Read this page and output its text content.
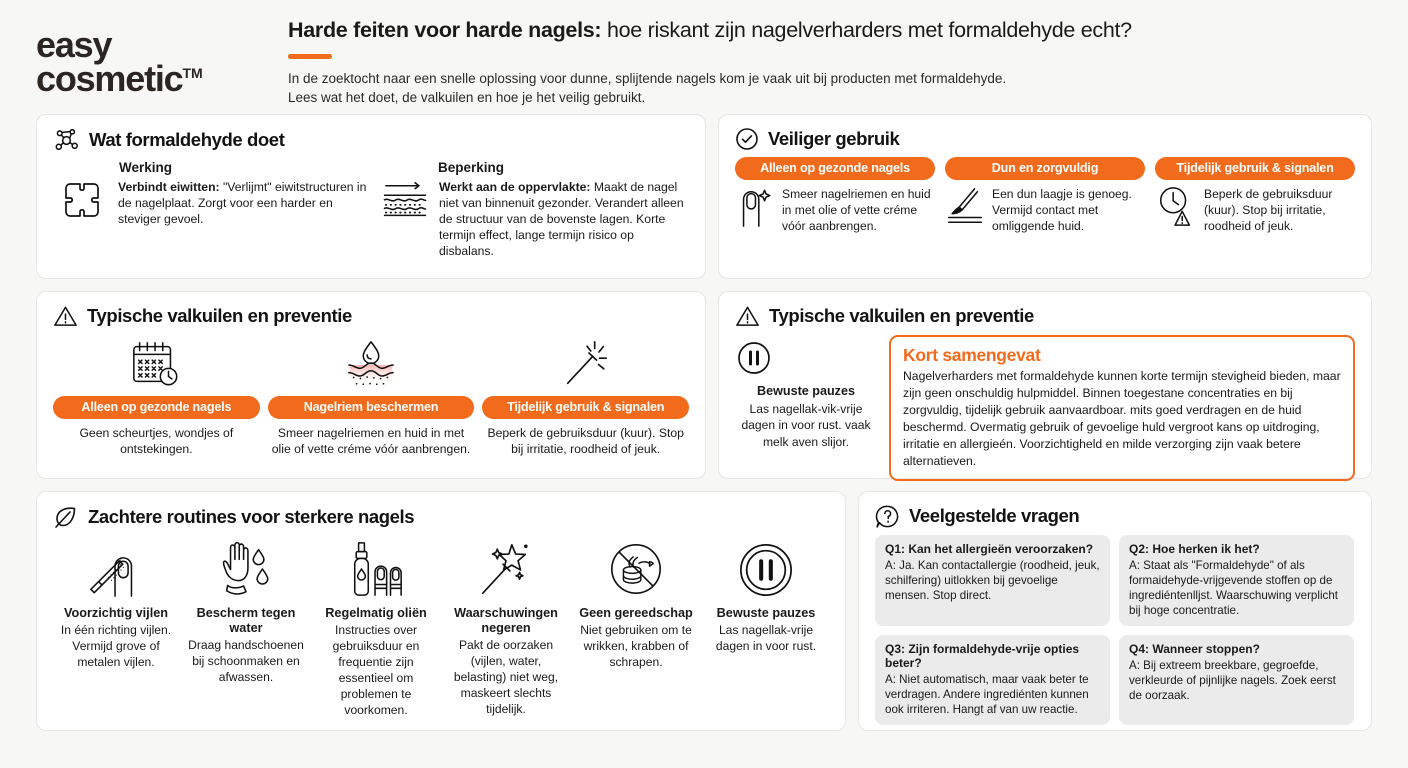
easy
cosmetic™
Harde feiten voor harde nagels: hoe riskant zijn nagelverharders met formaldehyde echt?
In de zoektocht naar een snelle oplossing voor dunne, splijtende nagels kom je vaak uit bij producten met formaldehyde.
Lees wat het doet, de valkuilen en hoe je het veilig gebruikt.
Wat formaldehyde doet
Werking
Verbindt eiwitten: "Verlijmt" eiwitstructuren in de nagelplaat. Zorgt voor een harder en steviger gevoel.
Beperking
Werkt aan de oppervlakte: Maakt de nagel niet van binnenuit gezonder. Verandert alleen de structuur van de bovenste lagen. Korte termijn effect, lange termijn risico op disbalans.
Veiliger gebruik
Alleen op gezonde nagels	Dun en zorgvuldig	Tijdelijk gebruik & signalen
Smeer nagelriemen en huid in met olie of vette créme vóór aanbrengen.
Een dun laagje is genoeg. Vermijd contact met omliggende huid.
Beperk de gebruiksduur (kuur). Stop bij irritatie, roodheid of jeuk.
Typische valkuilen en preventie
Alleen op gezonde nagels
Geen scheurtjes, wondjes of ontstekingen.
Nagelriem beschermen
Smeer nagelriemen en huid in met olie of vette créme vóór aanbrengen.
Tijdelijk gebruik & signalen
Beperk de gebruiksduur (kuur). Stop bij irritatie, roodheid of jeuk.
Typische valkuilen en preventie
Bewuste pauzes
Las nagellak-vik-vrije dagen in voor rust. vaak melk aven slijor.
Kort samengevat

Nagelverharders met formaldehyde kunnen korte termijn stevigheid bieden, maar zijn geen onschuldig hulpmiddel. Binnen toegestane concentraties en bij zorgvuldig, tijdelijk gebruik aanvaardboar. mits goed verdragen en de huid beschermd. Overmatig gebruik of gevoelige huld vergroot kans op uitdroging, irritatie en allergieén. Voorzichtigheld en milde verzorging zijn vaak betere alternatieven.

Zachtere routines voor sterkere nagels
Voorzichtig vijlen
In één richting vijlen. Vermijd grove of metalen vijlen.
Bescherm tegen water
Draag handschoenen bij schoonmaken en afwassen.
Regelmatig oliën
Instructies over gebruiksduur en frequentie zijn essentieel om problemen te voorkomen.
Waarschuwingen negeren
Pakt de oorzaken (vijlen, water, belasting) niet weg, maskeert slechts tijdelijk.
Geen gereedschap
Niet gebruiken om te wrikken, krabben of schrapen.
Bewuste pauzes
Las nagellak-vrije dagen in voor rust.
Veelgestelde vragen
Q1: Kan het allergieën veroorzaken?
A: Ja. Kan contactallergie (roodheid, jeuk, schilfering) uitlokken bij gevoelige mensen. Stop direct.
Q2: Hoe herken ik het?
A: Staat als "Formaldehyde" of als formaidehyde-vrijgevende stoffen op de ingrediéntenlljst. Waarschuwing verplicht bij hoge concentratie.
Q3: Zijn formaldehyde-vrije opties beter?
A: Niet automatisch, maar vaak beter te verdragen. Andere ingrediénten kunnen ook irriteren. Hangt af van uw reactie.
Q4: Wanneer stoppen?
A: Bĳ extreem breekbare, gegroefde, verkleurde of pijnlijke nagels. Zoek eerst de oorzaak.
